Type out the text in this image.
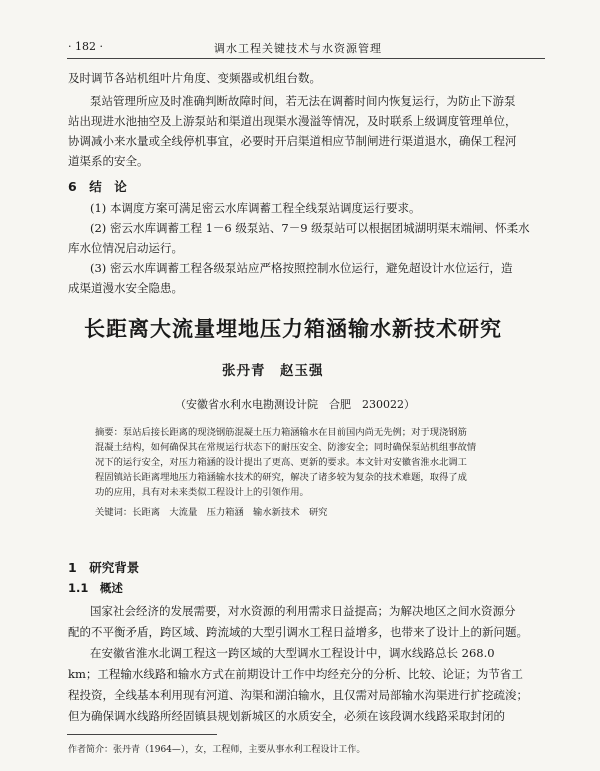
· 182 ·	调水工程关键技术与水资源管理
及时调节各站机组叶片角度、变频器或机组台数。
泵站管理所应及时准确判断故障时间，若无法在调蓄时间内恢复运行，为防止下游泵
站出现进水池抽空及上游泵站和渠道出现渠水漫溢等情况，及时联系上级调度管理单位，
协调减小来水量或全线停机事宜，必要时开启渠道相应节制闸进行渠道退水，确保工程河
道渠系的安全。
6　结　论
(1) 本调度方案可满足密云水库调蓄工程全线泵站调度运行要求。
(2) 密云水库调蓄工程 1－6 级泵站、7－9 级泵站可以根据团城湖明渠末端闸、怀柔水
库水位情况启动运行。
(3) 密云水库调蓄工程各级泵站应严格按照控制水位运行，避免超设计水位运行，造
成渠道漫水安全隐患。
长距离大流量埋地压力箱涵输水新技术研究
张丹青　赵玉强
（安徽省水利水电勘测设计院　合肥　230022）
摘要：泵站后接长距离的现浇钢筋混凝土压力箱涵输水在目前国内尚无先例；对于现浇钢筋
混凝土结构，如何确保其在常规运行状态下的耐压安全、防渗安全；同时确保泵站机组事故情
况下的运行安全，对压力箱涵的设计提出了更高、更新的要求。本文针对安徽省淮水北调工
程固镇站长距离埋地压力箱涵输水技术的研究，解决了诸多较为复杂的技术难题，取得了成
功的应用，具有对未来类似工程设计上的引领作用。
关键词：长距离　大流量　压力箱涵　输水新技术　研究
1　研究背景
1.1　概述
国家社会经济的发展需要，对水资源的利用需求日益提高；为解决地区之间水资源分
配的不平衡矛盾，跨区域、跨流域的大型引调水工程日益增多，也带来了设计上的新问题。
在安徽省淮水北调工程这一跨区域的大型调水工程设计中，调水线路总长 268.0
km；工程输水线路和输水方式在前期设计工作中均经充分的分析、比较、论证；为节省工
程投资，全线基本利用现有河道、沟渠和湖泊输水，且仅需对局部输水沟渠进行扩挖疏浚；
但为确保调水线路所经固镇县规划新城区的水质安全，必须在该段调水线路采取封闭的
作者简介：张丹青（1964—），女，工程师，主要从事水利工程设计工作。
